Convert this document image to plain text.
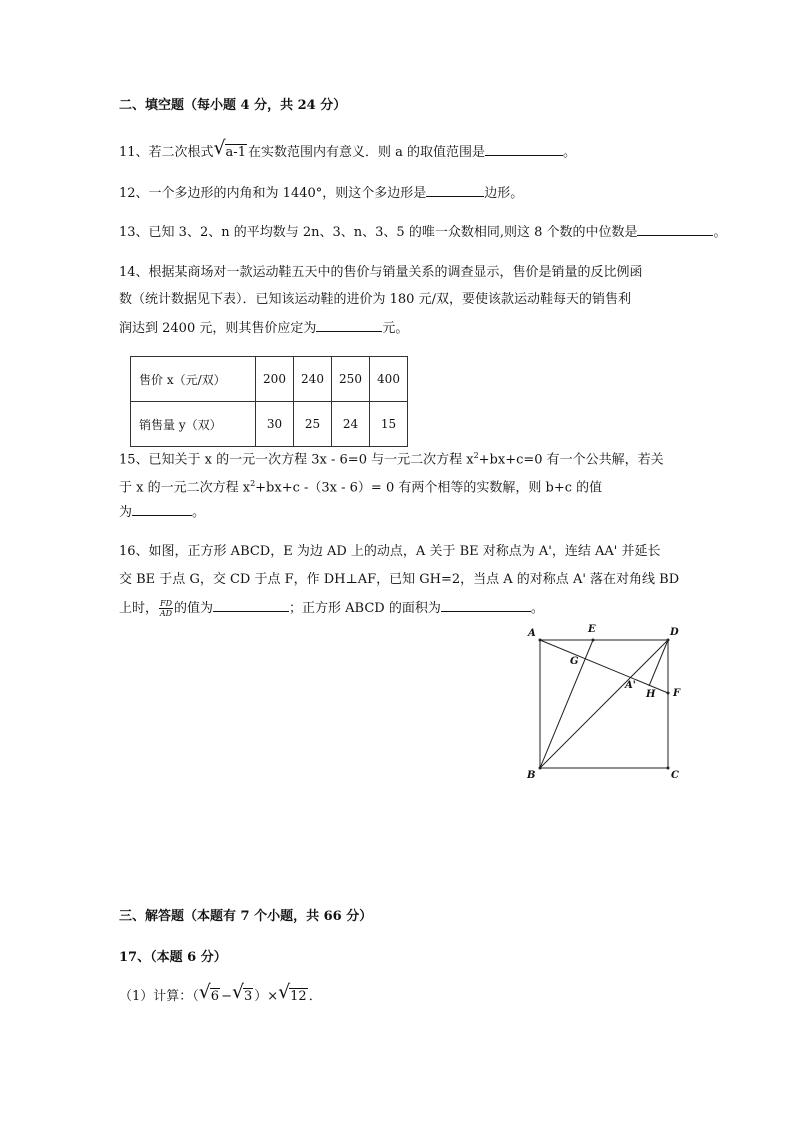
二、填空题（每小题 4 分，共 24 分）
11、若二次根式 √ a-1 在实数范围内有意义．则 a 的取值范围是	。
12、一个多边形的内角和为 1440°，则这个多边形是	边形。
13、已知 3、2、n 的平均数与 2n、3、n、3、5 的唯一众数相同,则这 8 个数的中位数是	。
14、根据某商场对一款运动鞋五天中的售价与销量关系的调查显示，售价是销量的反比例函
数（统计数据见下表）．已知该运动鞋的进价为 180 元/双，要使该款运动鞋每天的销售利
润达到 2400 元，则其售价应定为	元。
售价 x（元/双）	200	240	250	400
销售量 y（双）	30	25	24	15
15、已知关于 x 的一元一次方程 3x - 6=0 与一元二次方程 $x^2+bx+c=0$ 有一个公共解，若关
于 x 的一元二次方程 $x^2+bx+c$ -（3x - 6）= 0 有两个相等的实数解，则 b+c 的值
为	。
16、如图，正方形 ABCD，E 为边 AD 上的动点，A 关于 BE 对称点为 A'，连结 AA' 并延长
交 BE 于点 G，交 CD 于点 F，作 DH⊥AF，已知 GH=2，当点 A 的对称点 A' 落在对角线 BD
上时， $\frac{FD}{AD}$ 的值为	；正方形 ABCD 的面积为	。
A	E	D
G
A'
H F
B	C
三、解答题（本题有 7 个小题，共 66 分）
17、（本题 6 分）
（1）计算：（ √ 6 − √ 3 ）× √ 12 ．
